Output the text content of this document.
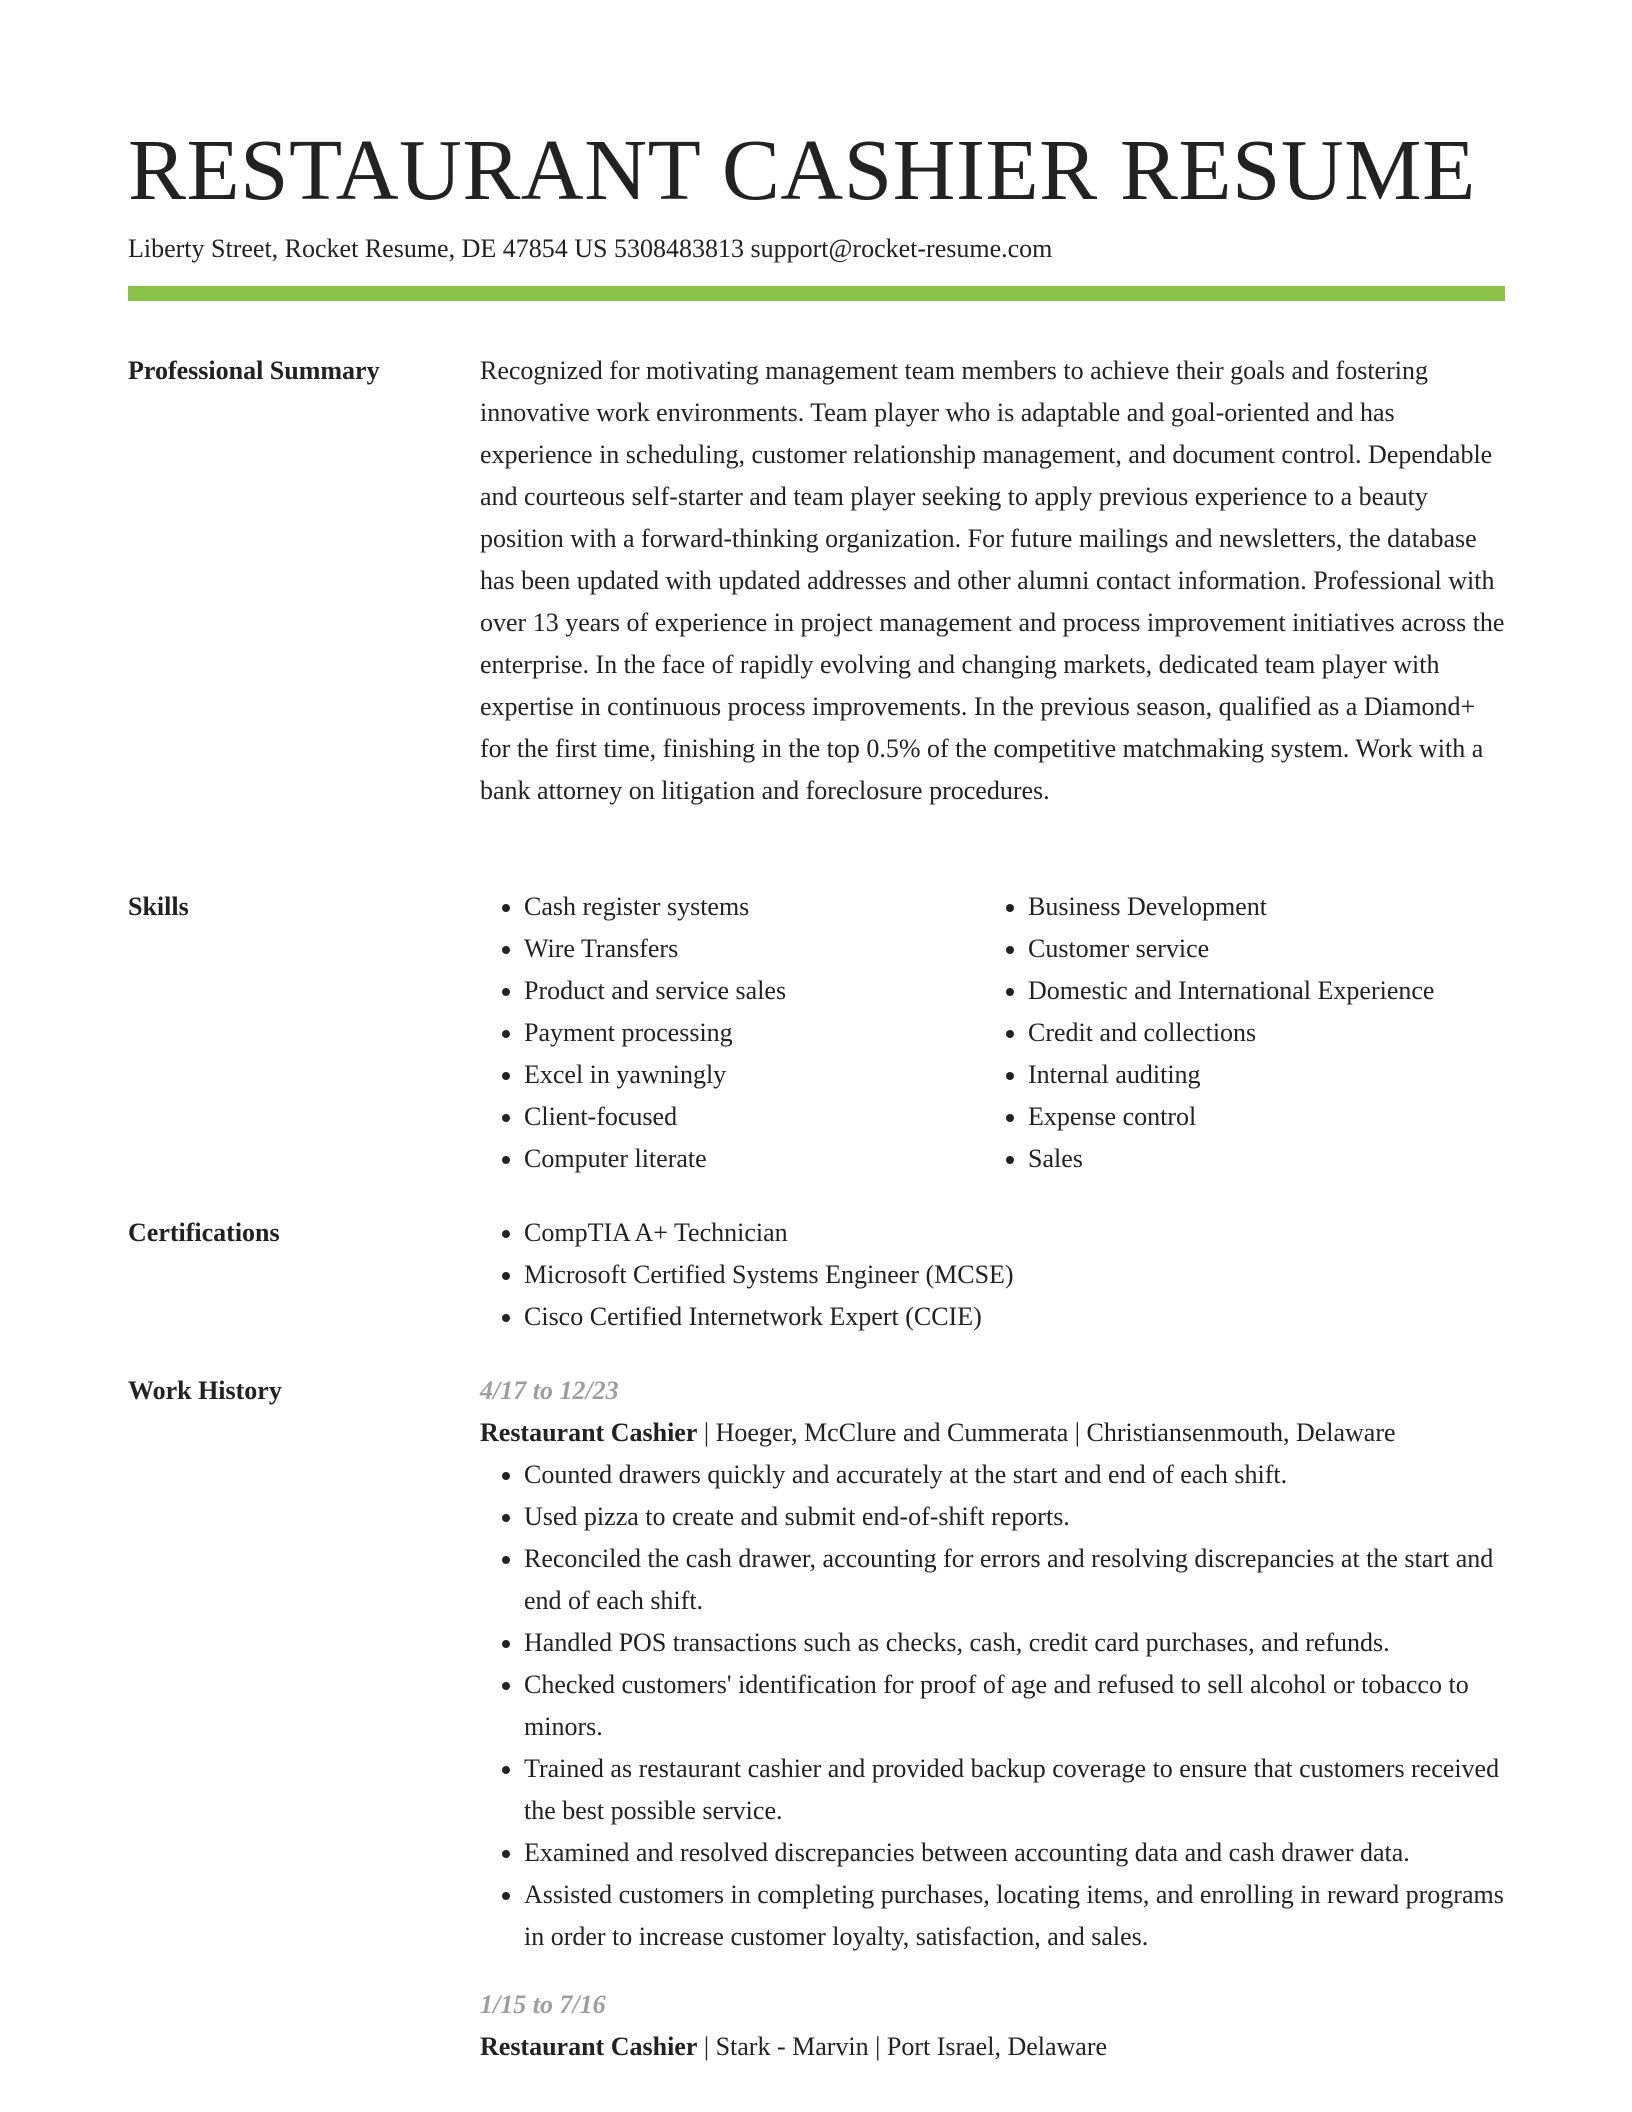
RESTAURANT CASHIER RESUME
Liberty Street, Rocket Resume, DE 47854 US 5308483813 support@rocket-resume.com
Professional Summary	Recognized for motivating management team members to achieve their goals and fostering innovative work environments. Team player who is adaptable and goal-oriented and has experience in scheduling, customer relationship management, and document control. Dependable and courteous self-starter and team player seeking to apply previous experience to a beauty position with a forward-thinking organization. For future mailings and newsletters, the database has been updated with updated addresses and other alumni contact information. Professional with over 13 years of experience in project management and process improvement initiatives across the enterprise. In the face of rapidly evolving and changing markets, dedicated team player with expertise in continuous process improvements. In the previous season, qualified as a Diamond+ for the first time, finishing in the top 0.5% of the competitive matchmaking system. Work with a bank attorney on litigation and foreclosure procedures.

Skills	• Cash register systems
• Wire Transfers
• Product and service sales
• Payment processing
• Excel in yawningly
• Client-focused
• Computer literate
• Business Development
• Customer service
• Domestic and International Experience
• Credit and collections
• Internal auditing
• Expense control
• Sales
Certifications	• CompTIA A+ Technician
• Microsoft Certified Systems Engineer (MCSE)
• Cisco Certified Internetwork Expert (CCIE)
Work History	4/17 to 12/23
Restaurant Cashier | Hoeger, McClure and Cummerata | Christiansenmouth, Delaware
• Counted drawers quickly and accurately at the start and end of each shift.
• Used pizza to create and submit end-of-shift reports.
• Reconciled the cash drawer, accounting for errors and resolving discrepancies at the start and end of each shift.
• Handled POS transactions such as checks, cash, credit card purchases, and refunds.
• Checked customers' identification for proof of age and refused to sell alcohol or tobacco to minors.
• Trained as restaurant cashier and provided backup coverage to ensure that customers received the best possible service.
• Examined and resolved discrepancies between accounting data and cash drawer data.
• Assisted customers in completing purchases, locating items, and enrolling in reward programs in order to increase customer loyalty, satisfaction, and sales.
1/15 to 7/16
Restaurant Cashier | Stark - Marvin | Port Israel, Delaware
